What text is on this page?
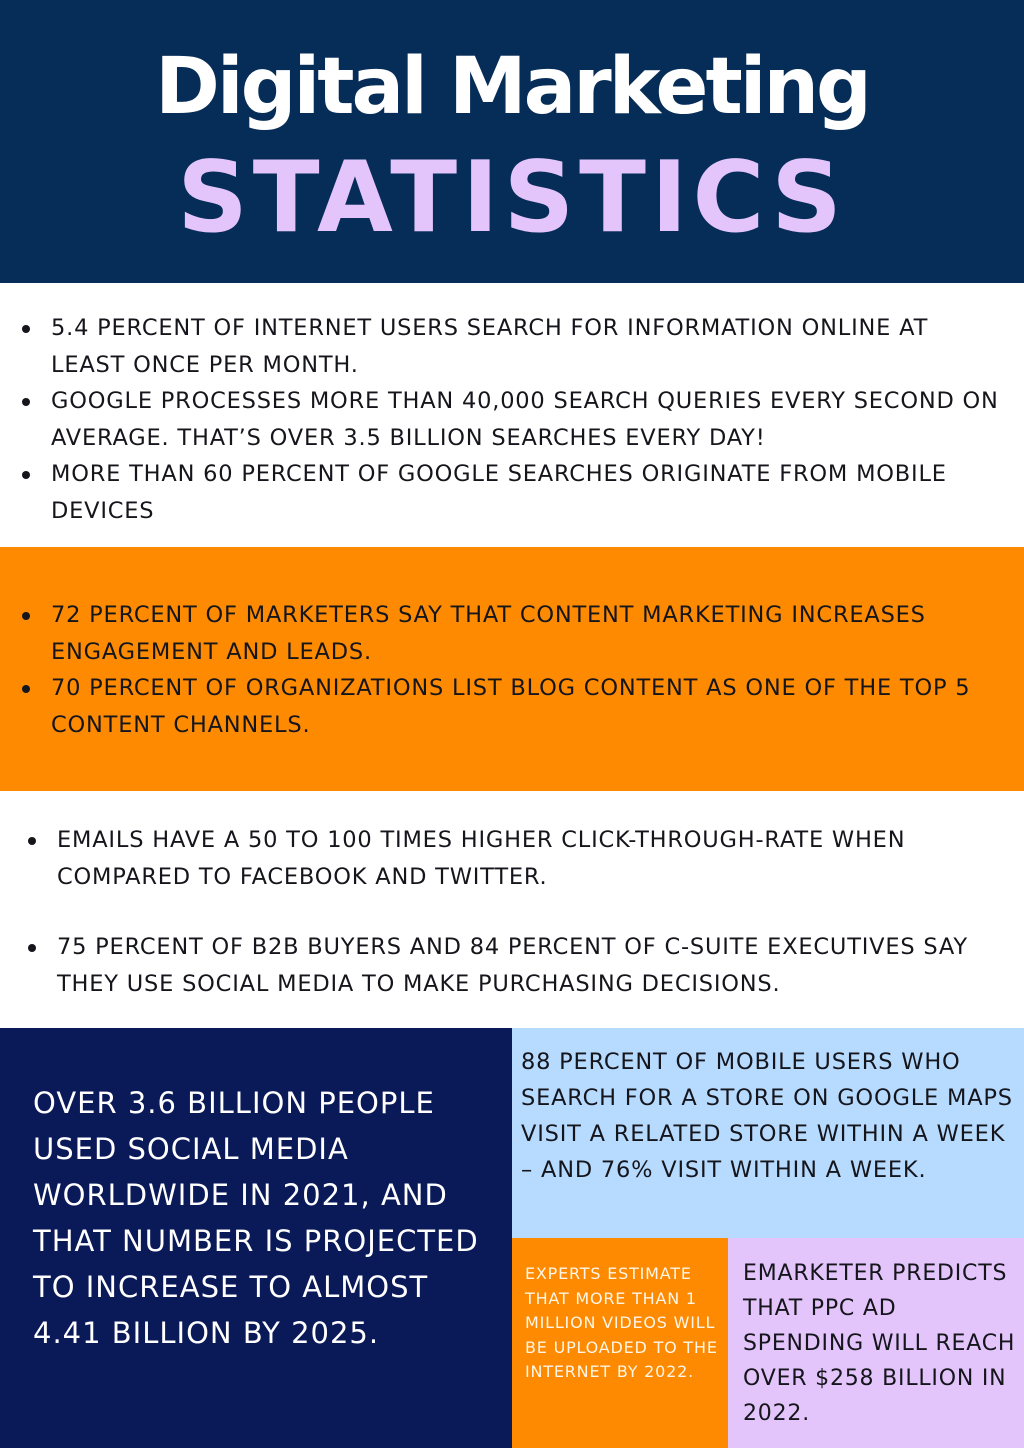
Digital Marketing
STATISTICS
5.4 PERCENT OF INTERNET USERS SEARCH FOR INFORMATION ONLINE AT LEAST ONCE PER MONTH.
GOOGLE PROCESSES MORE THAN 40,000 SEARCH QUERIES EVERY SECOND ON AVERAGE. THAT’S OVER 3.5 BILLION SEARCHES EVERY DAY!
MORE THAN 60 PERCENT OF GOOGLE SEARCHES ORIGINATE FROM MOBILE DEVICES
72 PERCENT OF MARKETERS SAY THAT CONTENT MARKETING INCREASES ENGAGEMENT AND LEADS.
70 PERCENT OF ORGANIZATIONS LIST BLOG CONTENT AS ONE OF THE TOP 5 CONTENT CHANNELS.
EMAILS HAVE A 50 TO 100 TIMES HIGHER CLICK-THROUGH-RATE WHEN COMPARED TO FACEBOOK AND TWITTER.
75 PERCENT OF B2B BUYERS AND 84 PERCENT OF C-SUITE EXECUTIVES SAY THEY USE SOCIAL MEDIA TO MAKE PURCHASING DECISIONS.
OVER 3.6 BILLION PEOPLE USED SOCIAL MEDIA WORLDWIDE IN 2021, AND THAT NUMBER IS PROJECTED TO INCREASE TO ALMOST 4.41 BILLION BY 2025.
88 PERCENT OF MOBILE USERS WHO SEARCH FOR A STORE ON GOOGLE MAPS VISIT A RELATED STORE WITHIN A WEEK – AND 76% VISIT WITHIN A WEEK.
EXPERTS ESTIMATE THAT MORE THAN 1 MILLION VIDEOS WILL BE UPLOADED TO THE INTERNET BY 2022.
EMARKETER PREDICTS THAT PPC AD SPENDING WILL REACH OVER $258 BILLION IN 2022.
